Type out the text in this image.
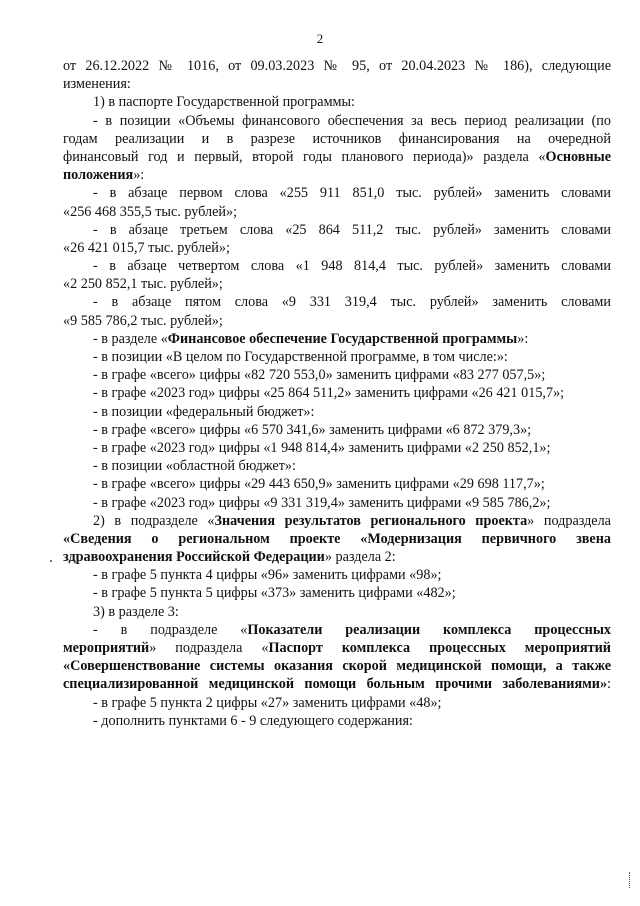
2
от 26.12.2022 № 1016, от 09.03.2023 № 95, от 20.04.2023 № 186), следующие
изменения:
1) в паспорте Государственной программы:
- в позиции «Объемы финансового обеспечения за весь период реализации (по
годам реализации и в разрезе источников финансирования на очередной
финансовый год и первый, второй годы планового периода)» раздела «Основные
положения»:
- в абзаце первом слова «255 911 851,0 тыс. рублей» заменить словами
«256 468 355,5 тыс. рублей»;
- в абзаце третьем слова «25 864 511,2 тыс. рублей» заменить словами
«26 421 015,7 тыс. рублей»;
- в абзаце четвертом слова «1 948 814,4 тыс. рублей» заменить словами
«2 250 852,1 тыс. рублей»;
- в абзаце пятом слова «9 331 319,4 тыс. рублей» заменить словами
«9 585 786,2 тыс. рублей»;
- в разделе «Финансовое обеспечение Государственной программы»:
- в позиции «В целом по Государственной программе, в том числе:»:
- в графе «всего» цифры «82 720 553,0» заменить цифрами «83 277 057,5»;
- в графе «2023 год» цифры «25 864 511,2» заменить цифрами «26 421 015,7»;
- в позиции «федеральный бюджет»:
- в графе «всего» цифры «6 570 341,6» заменить цифрами «6 872 379,3»;
- в графе «2023 год» цифры «1 948 814,4» заменить цифрами «2 250 852,1»;
- в позиции «областной бюджет»:
- в графе «всего» цифры «29 443 650,9» заменить цифрами «29 698 117,7»;
- в графе «2023 год» цифры «9 331 319,4» заменить цифрами «9 585 786,2»;
2) в подразделе «Значения результатов регионального проекта» подраздела
«Сведения о региональном проекте «Модернизация первичного звена
здравоохранения Российской Федерации» раздела 2:
- в графе 5 пункта 4 цифры «96» заменить цифрами «98»;
- в графе 5 пункта 5 цифры «373» заменить цифрами «482»;
3) в разделе 3:
- в подразделе «Показатели реализации комплекса процессных
мероприятий» подраздела «Паспорт комплекса процессных мероприятий
«Совершенствование системы оказания скорой медицинской помощи, а также
специализированной медицинской помощи больным прочими заболеваниями»:
- в графе 5 пункта 2 цифры «27» заменить цифрами «48»;
- дополнить пунктами 6 - 9 следующего содержания:
